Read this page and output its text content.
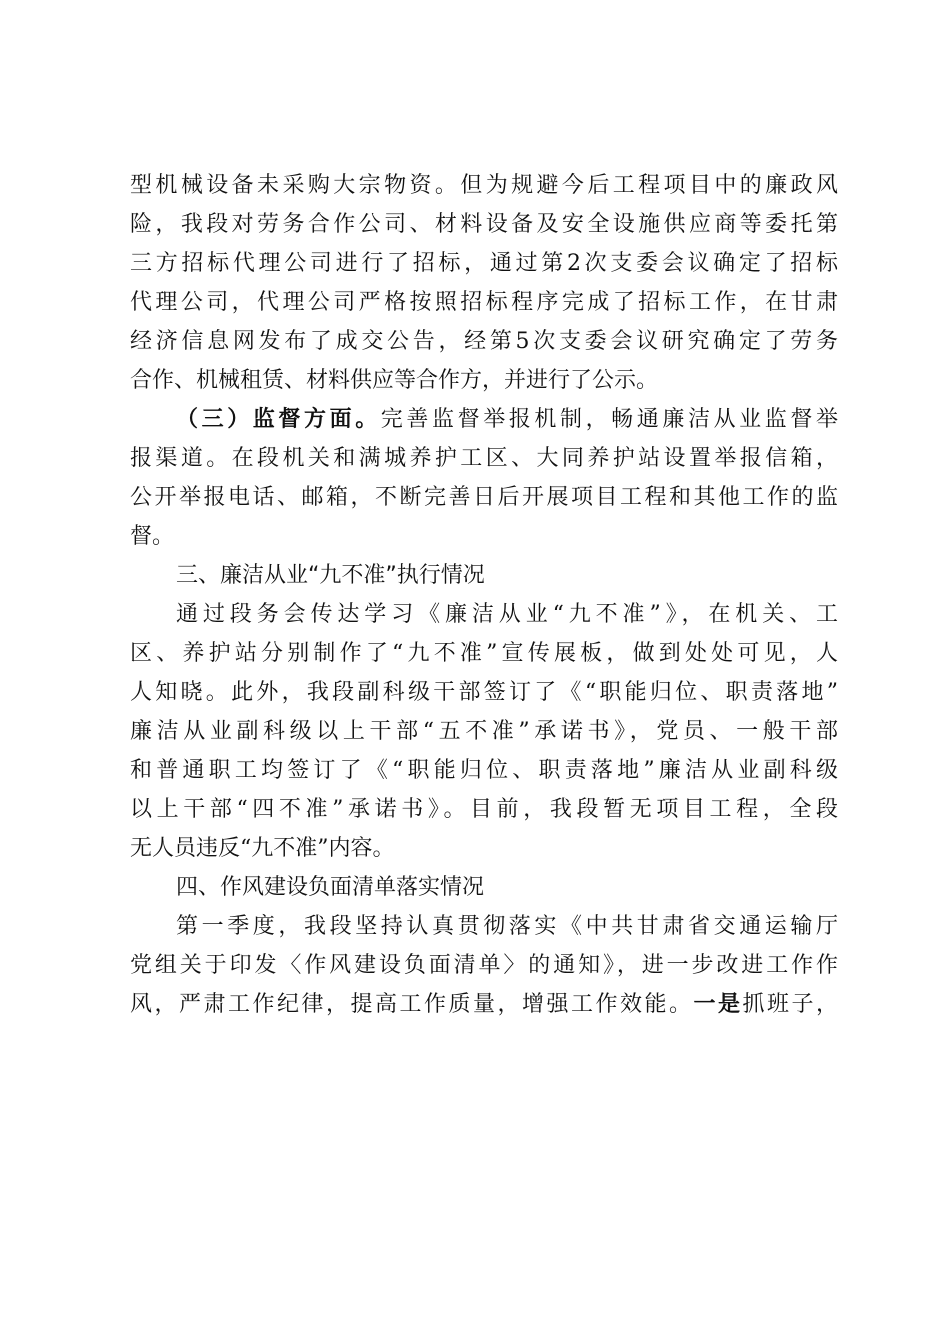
型机械设备未采购大宗物资。但为规避今后工程项目中的廉政风
险，我段对劳务合作公司、材料设备及安全设施供应商等委托第
三方招标代理公司进行了招标，通过第2次支委会议确定了招标
代理公司，代理公司严格按照招标程序完成了招标工作，在甘肃
经济信息网发布了成交公告，经第5次支委会议研究确定了劳务
合作、机械租赁、材料供应等合作方，并进行了公示。
（三）监督方面。完善监督举报机制，畅通廉洁从业监督举
报渠道。在段机关和满城养护工区、大同养护站设置举报信箱，
公开举报电话、邮箱，不断完善日后开展项目工程和其他工作的监
督。
三、廉洁从业“九不准”执行情况
通过段务会传达学习《廉洁从业“九不准”》，在机关、工
区、养护站分别制作了“九不准”宣传展板，做到处处可见，人
人知晓。此外，我段副科级干部签订了《“职能归位、职责落地”
廉洁从业副科级以上干部“五不准”承诺书》，党员、一般干部
和普通职工均签订了《“职能归位、职责落地”廉洁从业副科级
以上干部“四不准”承诺书》。目前，我段暂无项目工程，全段
无人员违反“九不准”内容。
四、作风建设负面清单落实情况
第一季度，我段坚持认真贯彻落实《中共甘肃省交通运输厅
党组关于印发〈作风建设负面清单〉的通知》，进一步改进工作作
风，严肃工作纪律，提高工作质量，增强工作效能。一是抓班子，
